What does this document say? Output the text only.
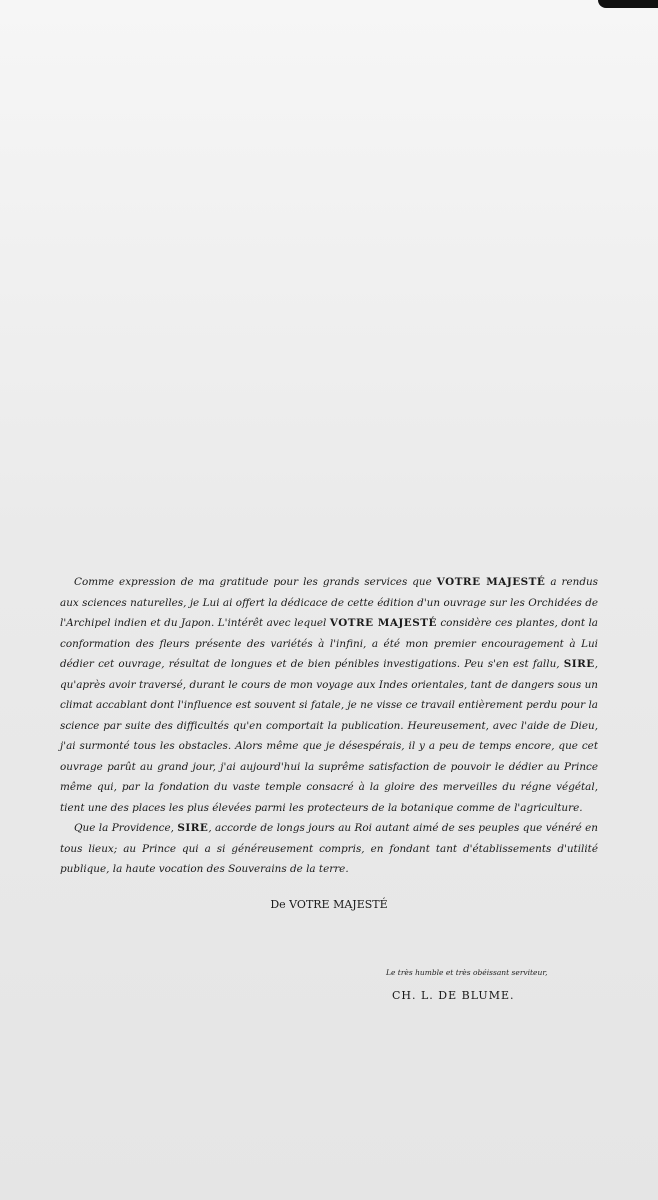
Comme expression de ma gratitude pour les grands services que VOTRE MAJESTÉ a rendus aux sciences naturelles, je Lui ai offert la dédicace de cette édition d'un ouvrage sur les Orchidées de l'Archipel indien et du Japon. L'intérêt avec lequel VOTRE MAJESTÉ considère ces plantes, dont la conformation des fleurs présente des variétés à l'infini, a été mon premier encouragement à Lui dédier cet ouvrage, résultat de longues et de bien pénibles investigations. Peu s'en est fallu, SIRE, qu'après avoir traversé, durant le cours de mon voyage aux Indes orientales, tant de dangers sous un climat accablant dont l'influence est souvent si fatale, je ne visse ce travail entièrement perdu pour la science par suite des difficultés qu'en comportait la publication. Heureusement, avec l'aide de Dieu, j'ai surmonté tous les obstacles. Alors même que je désespérais, il y a peu de temps encore, que cet ouvrage parût au grand jour, j'ai aujourd'hui la suprême satisfaction de pouvoir le dédier au Prince même qui, par la fondation du vaste temple consacré à la gloire des merveilles du régne végétal, tient une des places les plus élevées parmi les protecteurs de la botanique comme de l'agriculture.

Que la Providence, SIRE, accorde de longs jours au Roi autant aimé de ses peuples que vénéré en tous lieux; au Prince qui a si généreusement compris, en fondant tant d'établissements d'utilité publique, la haute vocation des Souverains de la terre.

De VOTRE MAJESTÉ
Le très humble et très obéissant serviteur,
CH. L. DE BLUME.
